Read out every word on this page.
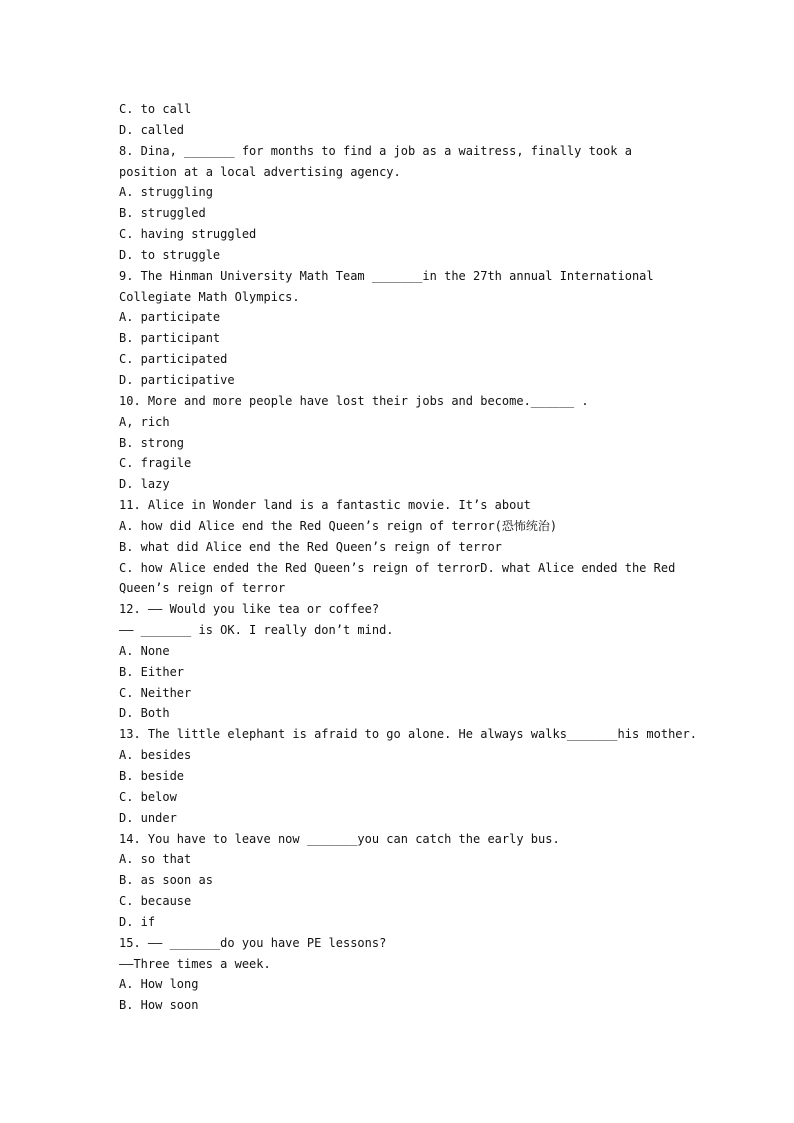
C. to call
D. called
8. Dina, _______ for months to find a job as a waitress, finally took a
position at a local advertising agency.
A. struggling
B. struggled
C. having struggled
D. to struggle
9. The Hinman University Math Team _______in the 27th annual International
Collegiate Math Olympics.
A. participate
B. participant
C. participated
D. participative
10. More and more people have lost their jobs and become.______ .
A, rich
B. strong
C. fragile
D. lazy
11. Alice in Wonder land is a fantastic movie. It’s about
A. how did Alice end the Red Queen’s reign of terror(恐怖统治)
B. what did Alice end the Red Queen’s reign of terror
C. how Alice ended the Red Queen’s reign of terrorD. what Alice ended the Red
Queen’s reign of terror
12. —— Would you like tea or coffee?
—— _______ is OK. I really don’t mind.
A. None
B. Either
C. Neither
D. Both
13. The little elephant is afraid to go alone. He always walks_______his mother.
A. besides
B. beside
C. below
D. under
14. You have to leave now _______you can catch the early bus.
A. so that
B. as soon as
C. because
D. if
15. —— _______do you have PE lessons?
——Three times a week.
A. How long
B. How soon
